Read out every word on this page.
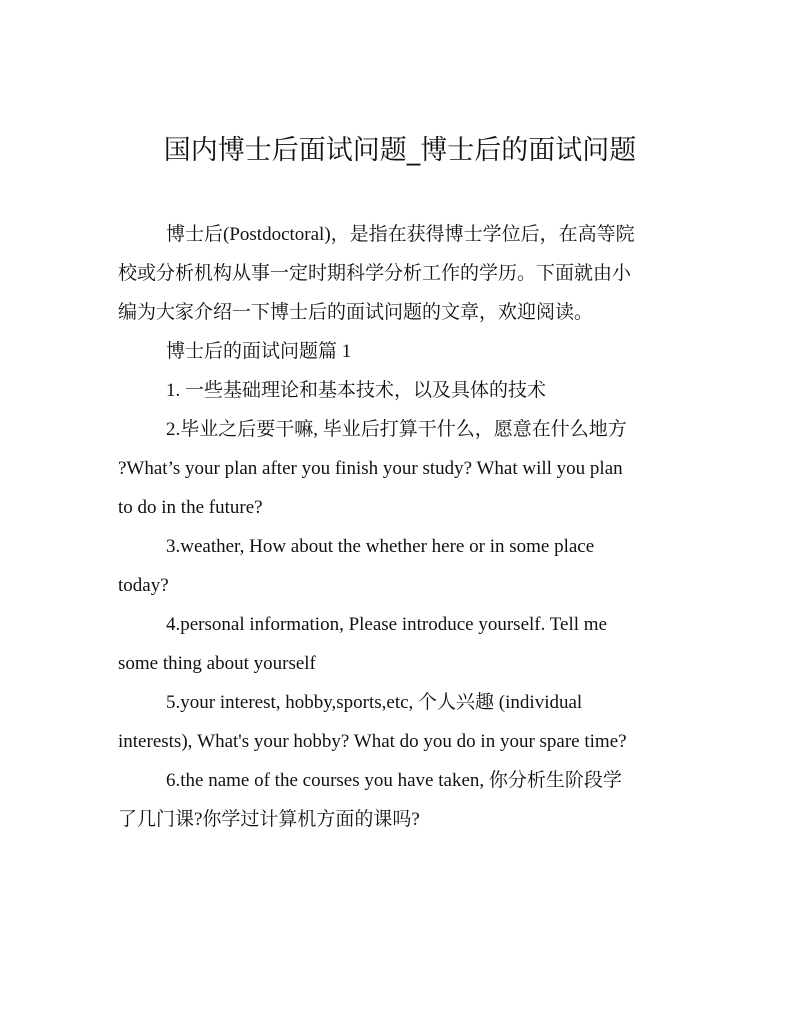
国内博士后面试问题_博士后的面试问题

博士后(Postdoctoral)，是指在获得博士学位后，在高等院
校或分析机构从事一定时期科学分析工作的学历。下面就由小
编为大家介绍一下博士后的面试问题的文章，欢迎阅读。

博士后的面试问题篇 1

1. 一些基础理论和基本技术，以及具体的技术

2.毕业之后要干嘛, 毕业后打算干什么，愿意在什么地方
?What’s your plan after you finish your study? What will you plan
to do in the future?

3.weather, How about the whether here or in some place
today?

4.personal information, Please introduce yourself. Tell me
some thing about yourself

5.your interest, hobby,sports,etc, 个人兴趣 (individual
interests), What's your hobby? What do you do in your spare time?

6.the name of the courses you have taken, 你分析生阶段学
了几门课?你学过计算机方面的课吗?
